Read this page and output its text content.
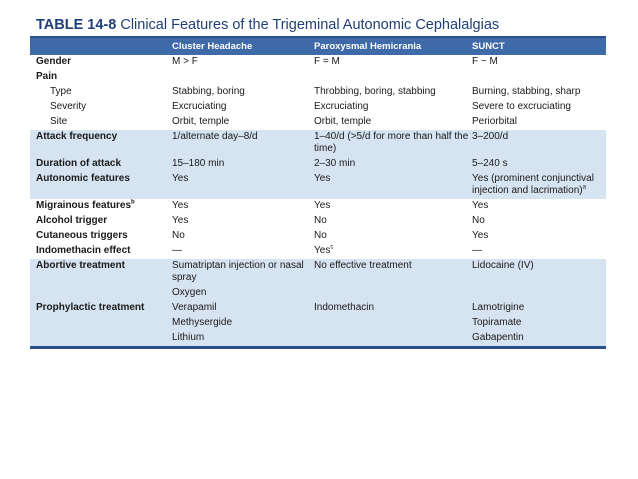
TABLE 14-8 Clinical Features of the Trigeminal Autonomic Cephalalgias
	Cluster Headache	Paroxysmal Hemicrania	SUNCT
Gender	M > F	F = M	F ~ M
Pain			
Type	Stabbing, boring	Throbbing, boring, stabbing	Burning, stabbing, sharp
Severity	Excruciating	Excruciating	Severe to excruciating
Site	Orbit, temple	Orbit, temple	Periorbital
Attack frequency	1/alternate day–8/d	1–40/d (>5/d for more than half the time)	3–200/d
Duration of attack	15–180 min	2–30 min	5–240 s
Autonomic features	Yes	Yes	Yes (prominent conjunctival injection and lacrimation)$^a$
Migrainous features$^b$	Yes	Yes	Yes
Alcohol trigger	Yes	No	No
Cutaneous triggers	No	No	Yes
Indomethacin effect	—	Yes$^c$	—
Abortive treatment	Sumatriptan injection or nasal spray	No effective treatment	Lidocaine (IV)
	Oxygen		
Prophylactic treatment	Verapamil	Indomethacin	Lamotrigine
	Methysergide		Topiramate
	Lithium		Gabapentin
